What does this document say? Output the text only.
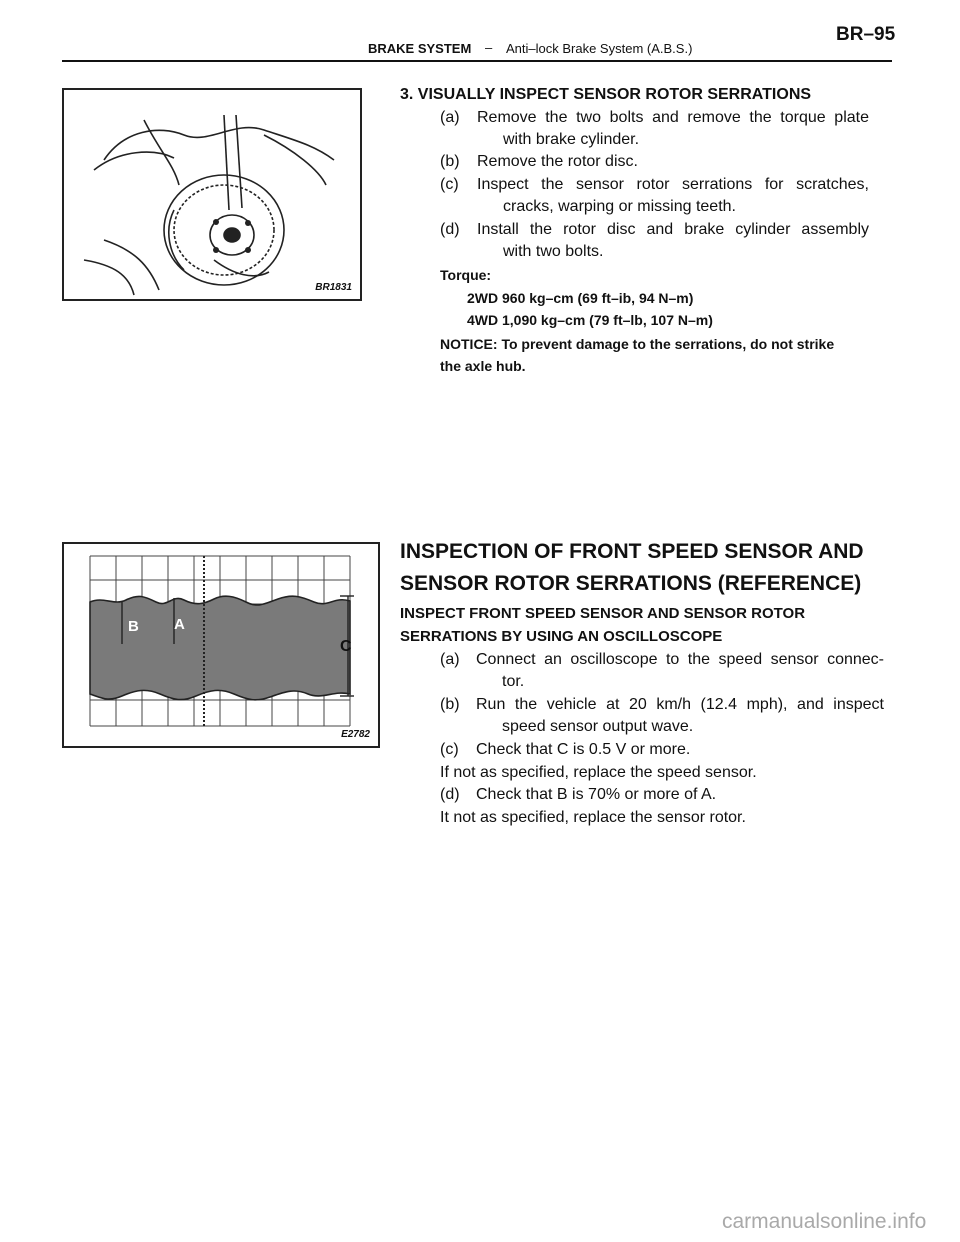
BRAKE SYSTEM – Anti–lock Brake System (A.B.S.)
BR–95
BR1831
B A
C
E2782
3. VISUALLY INSPECT SENSOR ROTOR SERRATIONS
(a) Remove the two bolts and remove the torque plate
with brake cylinder.
(b) Remove the rotor disc.
(c) Inspect the sensor rotor serrations for scratches,
cracks, warping or missing teeth.
(d) Install the rotor disc and brake cylinder assembly
with two bolts.
Torque:
2WD 960 kg–cm (69 ft–ib, 94 N–m)
4WD 1,090 kg–cm (79 ft–lb, 107 N–m)
NOTICE: To prevent damage to the serrations, do not strike
the axle hub.
INSPECTION OF FRONT SPEED SENSOR AND
SENSOR ROTOR SERRATIONS (REFERENCE)
INSPECT FRONT SPEED SENSOR AND SENSOR ROTOR
SERRATIONS BY USING AN OSCILLOSCOPE
(a) Connect an oscilloscope to the speed sensor connec-
tor.
(b) Run the vehicle at 20 km/h (12.4 mph), and inspect
speed sensor output wave.
(c) Check that C is 0.5 V or more.
If not as specified, replace the speed sensor.
(d) Check that B is 70% or more of A.
It not as specified, replace the sensor rotor.
carmanualsonline.info
